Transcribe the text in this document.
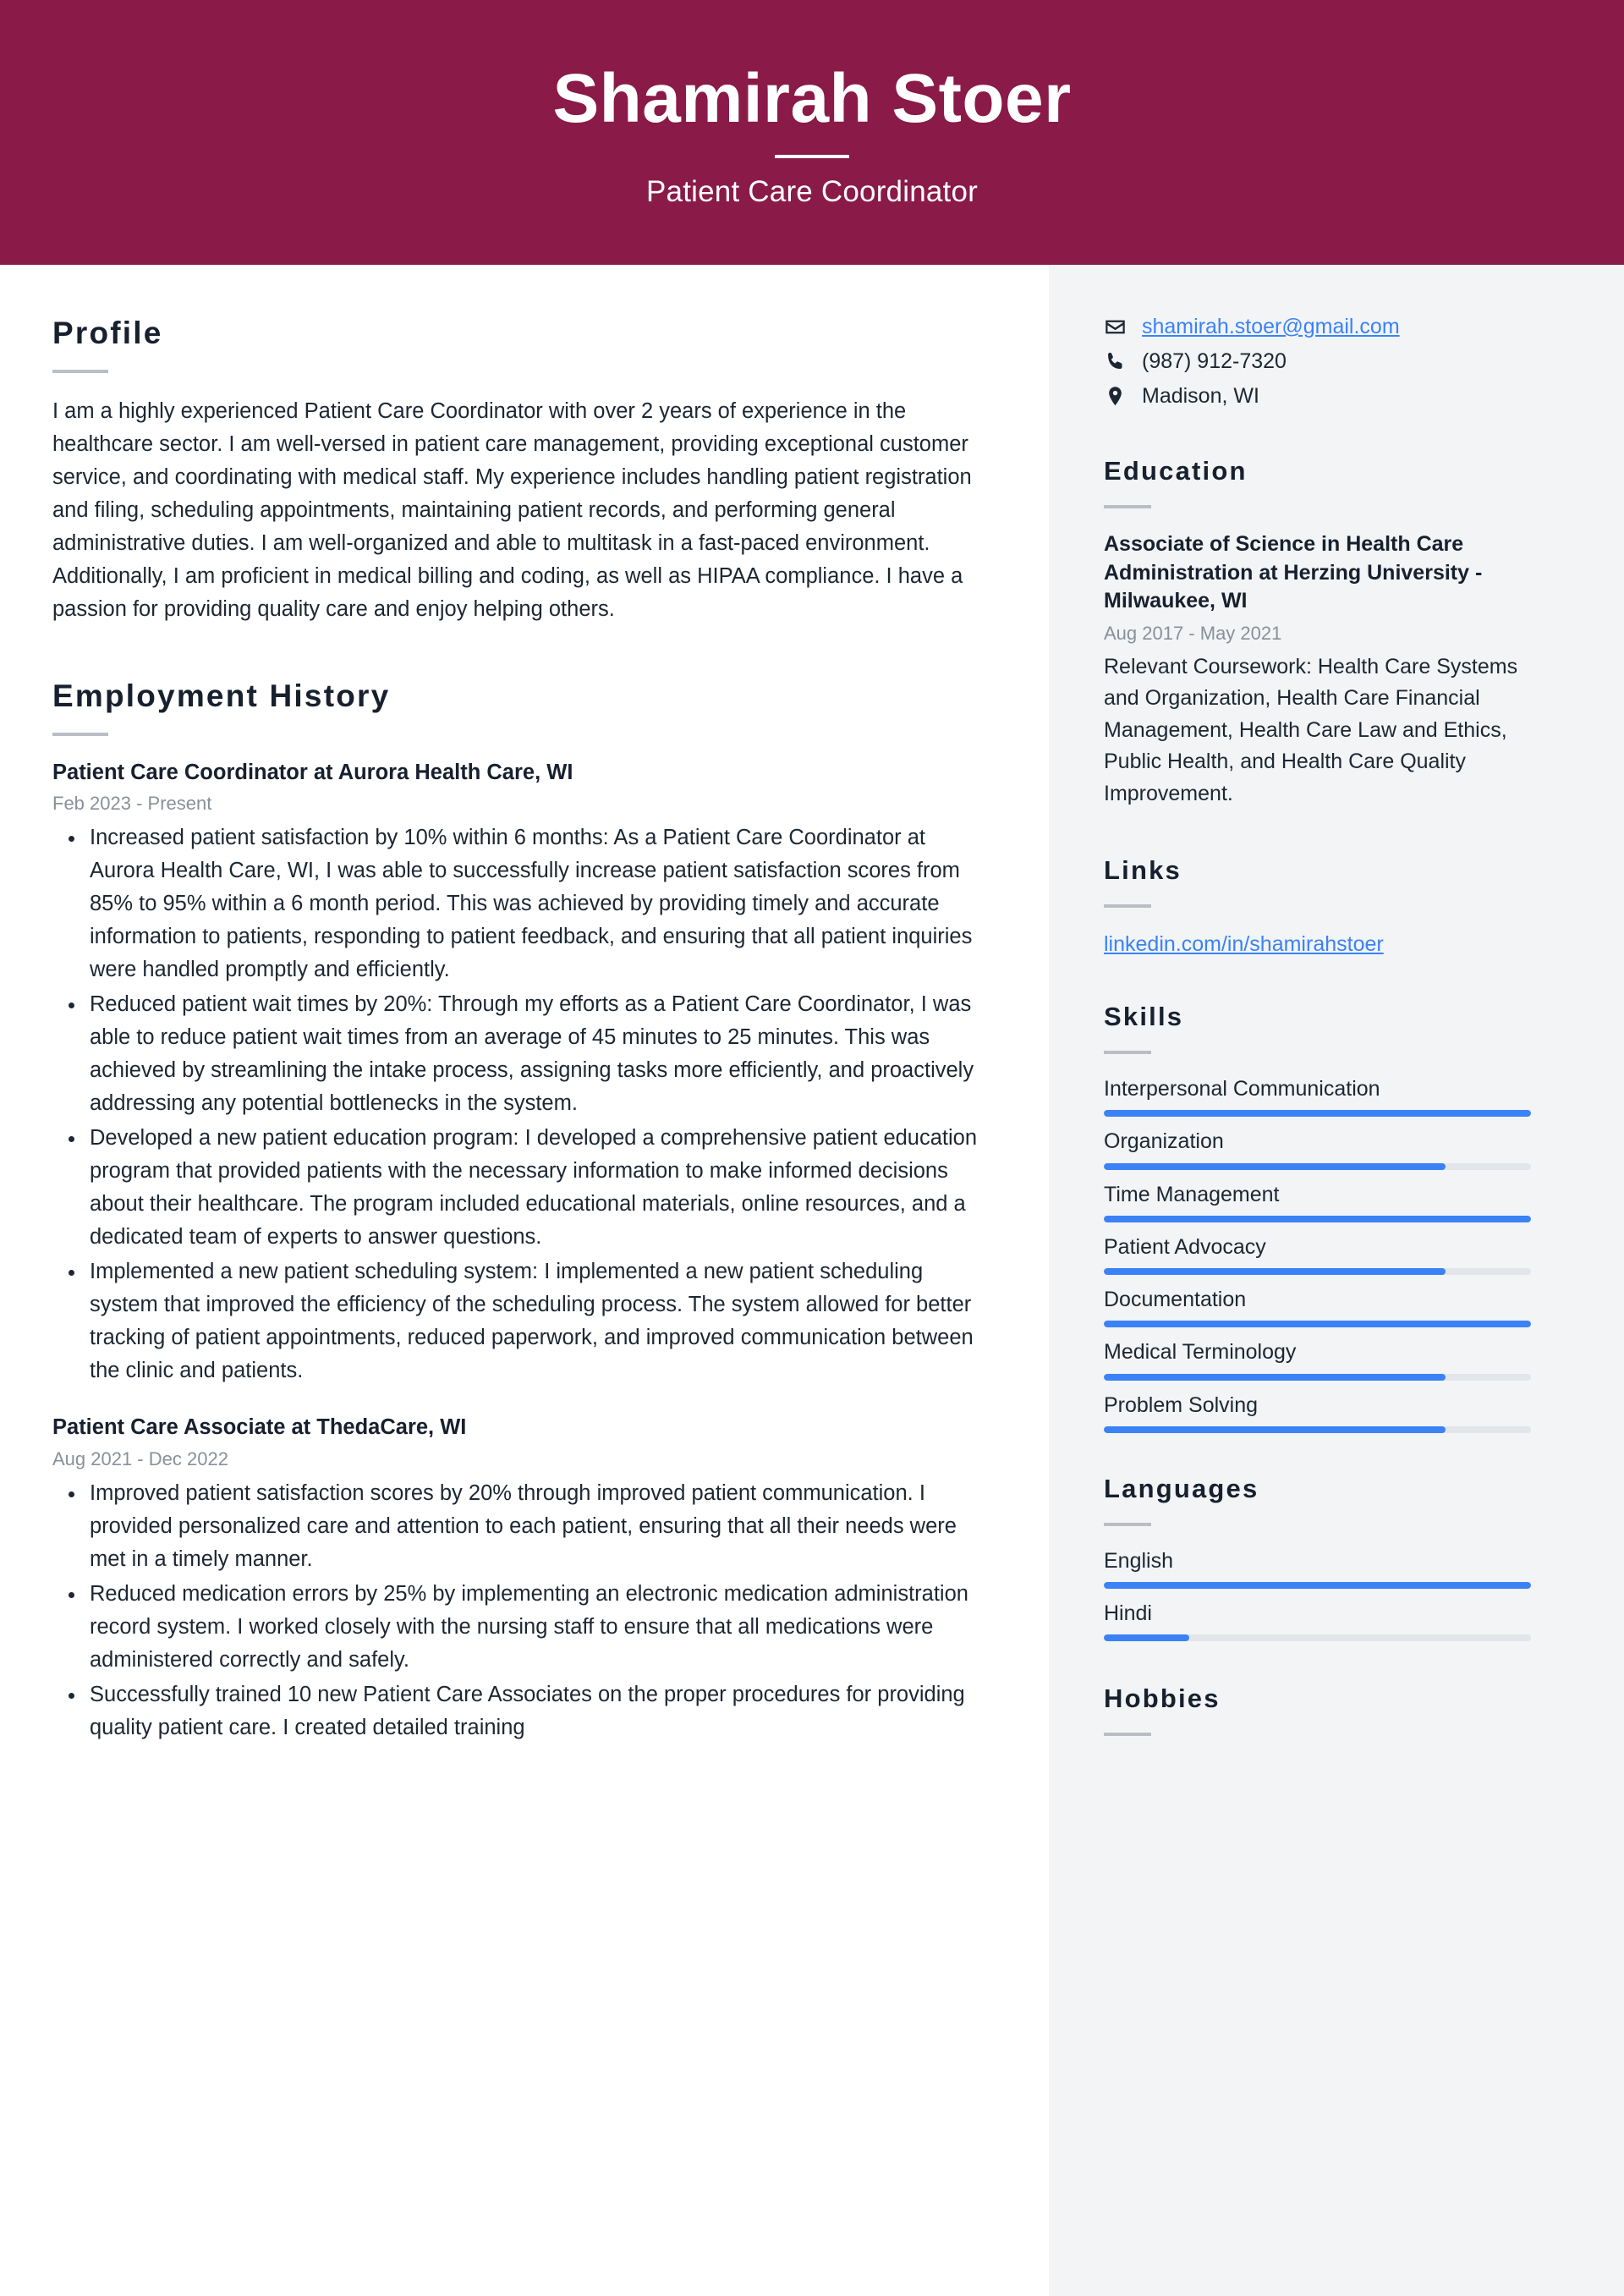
Shamirah Stoer
Patient Care Coordinator
Profile

I am a highly experienced Patient Care Coordinator with over 2 years of experience in the healthcare sector. I am well-versed in patient care management, providing exceptional customer service, and coordinating with medical staff. My experience includes handling patient registration and filing, scheduling appointments, maintaining patient records, and performing general administrative duties. I am well-organized and able to multitask in a fast-paced environment. Additionally, I am proficient in medical billing and coding, as well as HIPAA compliance. I have a passion for providing quality care and enjoy helping others.

Employment History
Patient Care Coordinator at Aurora Health Care, WI
Feb 2023 - Present
Increased patient satisfaction by 10% within 6 months: As a Patient Care Coordinator at Aurora Health Care, WI, I was able to successfully increase patient satisfaction scores from 85% to 95% within a 6 month period. This was achieved by providing timely and accurate information to patients, responding to patient feedback, and ensuring that all patient inquiries were handled promptly and efficiently.
Reduced patient wait times by 20%: Through my efforts as a Patient Care Coordinator, I was able to reduce patient wait times from an average of 45 minutes to 25 minutes. This was achieved by streamlining the intake process, assigning tasks more efficiently, and proactively addressing any potential bottlenecks in the system.
Developed a new patient education program: I developed a comprehensive patient education program that provided patients with the necessary information to make informed decisions about their healthcare. The program included educational materials, online resources, and a dedicated team of experts to answer questions.
Implemented a new patient scheduling system: I implemented a new patient scheduling system that improved the efficiency of the scheduling process. The system allowed for better tracking of patient appointments, reduced paperwork, and improved communication between the clinic and patients.
Patient Care Associate at ThedaCare, WI
Aug 2021 - Dec 2022
Improved patient satisfaction scores by 20% through improved patient communication. I provided personalized care and attention to each patient, ensuring that all their needs were met in a timely manner.
Reduced medication errors by 25% by implementing an electronic medication administration record system. I worked closely with the nursing staff to ensure that all medications were administered correctly and safely.
Successfully trained 10 new Patient Care Associates on the proper procedures for providing quality patient care. I created detailed training
shamirah.stoer@gmail.com
(987) 912-7320
Madison, WI
Education
Associate of Science in Health Care Administration at Herzing University - Milwaukee, WI
Aug 2017 - May 2021
Relevant Coursework: Health Care Systems and Organization, Health Care Financial Management, Health Care Law and Ethics, Public Health, and Health Care Quality Improvement.
Links
linkedin.com/in/shamirahstoer
Skills
Interpersonal Communication
Organization
Time Management
Patient Advocacy
Documentation
Medical Terminology
Problem Solving
Languages
English
Hindi
Hobbies
